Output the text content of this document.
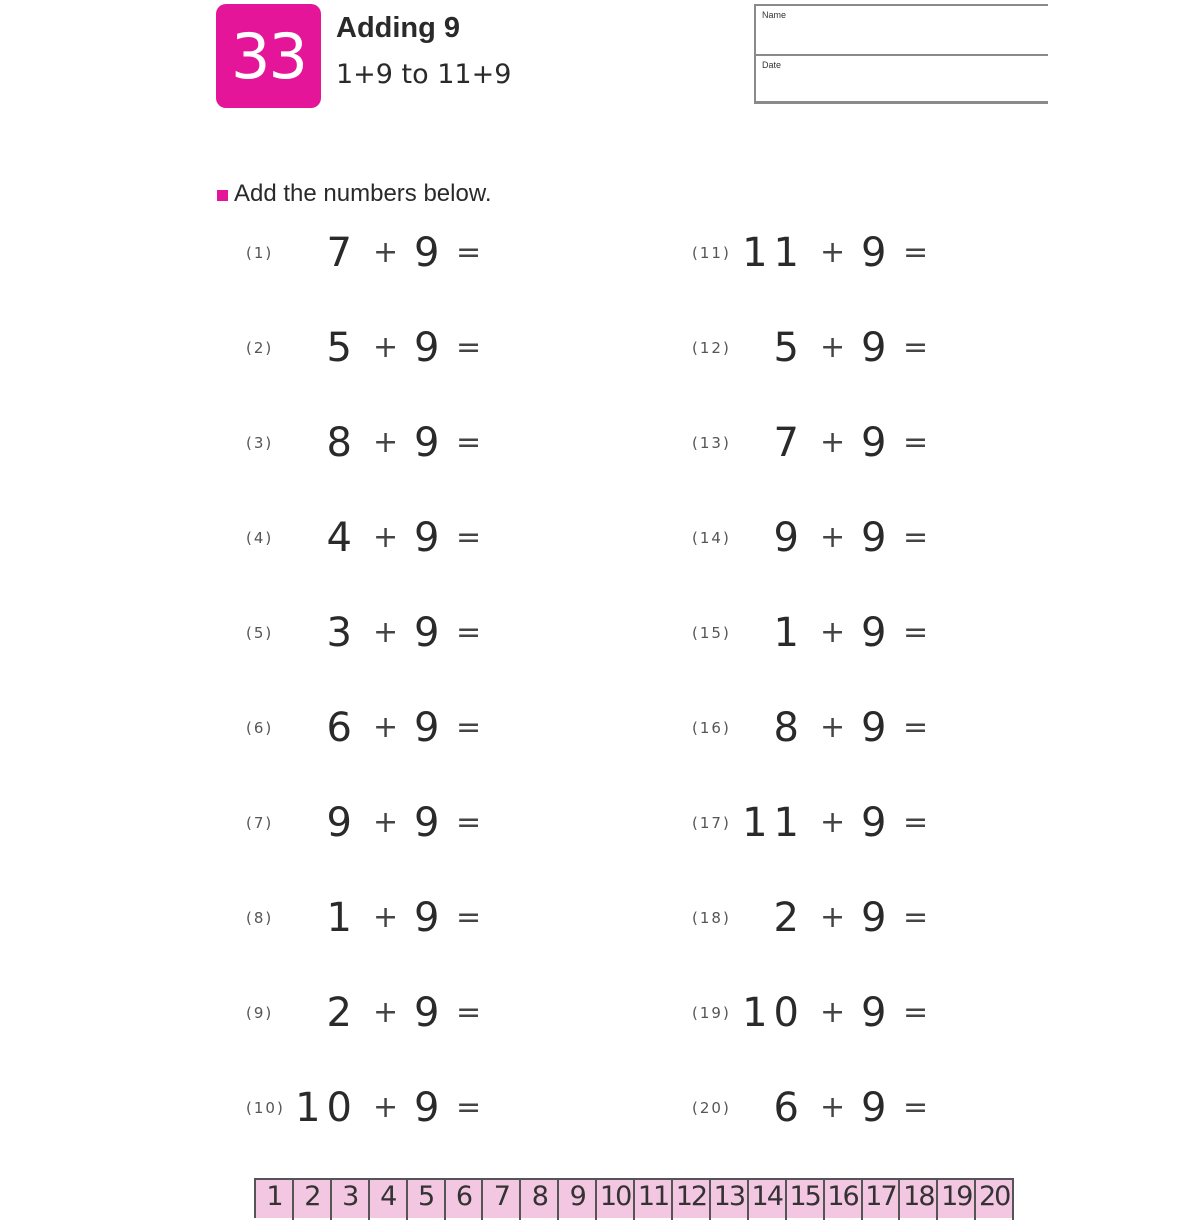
33 Adding 9
1+9 to 11+9
Name
Date
Add the numbers below.
(1)	7 + 9 =
(2)	5 + 9 =
(3)	8 + 9 =
(4)	4 + 9 =
(5)	3 + 9 =
(6)	6 + 9 =
(7)	9 + 9 =
(8)	1 + 9 =
(9)	2 + 9 =
(10) 10 + 9 =
(11) 11 + 9 =
(12)	5 + 9 =
(13)	7 + 9 =
(14)	9 + 9 =
(15)	1 + 9 =
(16)	8 + 9 =
(17) 11 + 9 =
(18)	2 + 9 =
(19) 10 + 9 =
(20)	6 + 9 =
1 2 3 4 5 6 7 8 9 10 11 12 13 14 15 16 17 18 19 20
